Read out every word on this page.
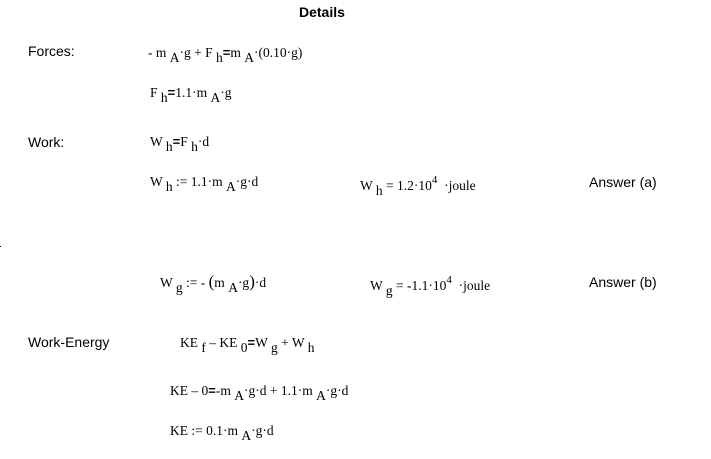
Details
Forces:
Work:
Work-Energy
Answer (a)
Answer (b)
- m A·g + F h=m A·(0.10·g)
F h=1.1·m A·g
W h=F h·d
W h := 1.1·m A·g·d	W h = 1.2·104  ·joule
W g := - (m A·g)·d	W g = -1.1·104  ·joule
KE f – KE 0=W g + W h
KE – 0=-m A·g·d + 1.1·m A·g·d
KE := 0.1·m A·g·d
